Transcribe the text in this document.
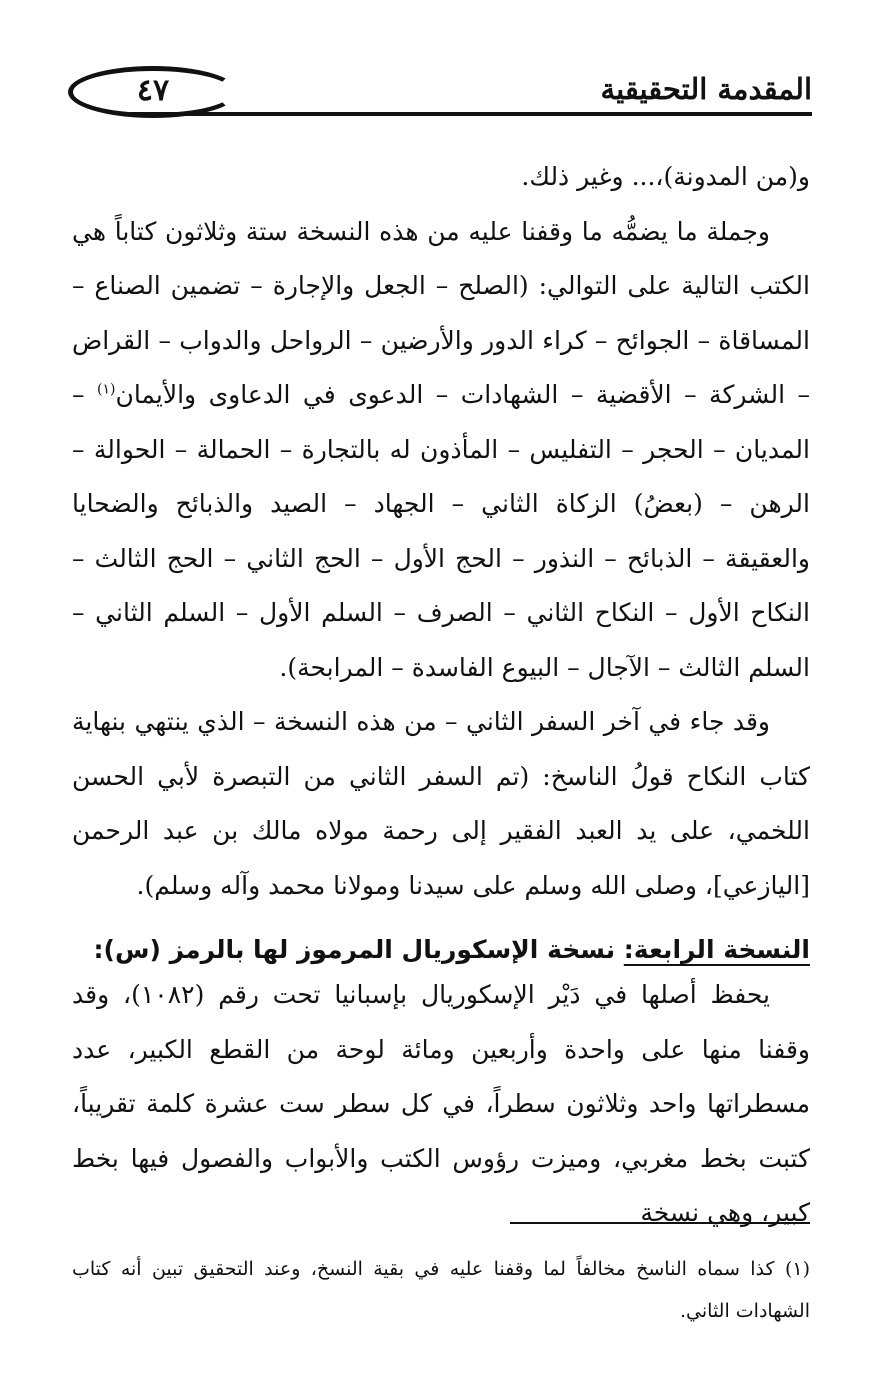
٤٧	المقدمة التحقيقية

و(من المدونة)،... وغير ذلك.

وجملة ما يضمُّه ما وقفنا عليه من هذه النسخة ستة وثلاثون كتاباً هي الكتب التالية على التوالي: (الصلح – الجعل والإجارة – تضمين الصناع – المساقاة – الجوائح – كراء الدور والأرضين – الرواحل والدواب – القراض – الشركة – الأقضية – الشهادات – الدعوى في الدعاوى والأيمان$^{(١)}$ – المديان – الحجر – التفليس – المأذون له بالتجارة – الحمالة – الحوالة – الرهن – (بعضُ) الزكاة الثاني – الجهاد – الصيد والذبائح والضحايا والعقيقة – الذبائح – النذور – الحج الأول – الحج الثاني – الحج الثالث – النكاح الأول – النكاح الثاني – الصرف – السلم الأول – السلم الثاني – السلم الثالث – الآجال – البيوع الفاسدة – المرابحة).

وقد جاء في آخر السفر الثاني – من هذه النسخة – الذي ينتهي بنهاية كتاب النكاح قولُ الناسخ: (تم السفر الثاني من التبصرة لأبي الحسن اللخمي، على يد العبد الفقير إلى رحمة مولاه مالك بن عبد الرحمن [اليازعي]، وصلى الله وسلم على سيدنا ومولانا محمد وآله وسلم).

النسخة الرابعة: نسخة الإسكوريال المرموز لها بالرمز (س):

يحفظ أصلها في دَيْر الإسكوريال بإسبانيا تحت رقم (١٠٨٢)، وقد وقفنا منها على واحدة وأربعين ومائة لوحة من القطع الكبير، عدد مسطراتها واحد وثلاثون سطراً، في كل سطر ست عشرة كلمة تقريباً، كتبت بخط مغربي، وميزت رؤوس الكتب والأبواب والفصول فيها بخط كبير، وهي نسخة

(١) كذا سماه الناسخ مخالفاً لما وقفنا عليه في بقية النسخ، وعند التحقيق تبين أنه كتاب الشهادات الثاني.
